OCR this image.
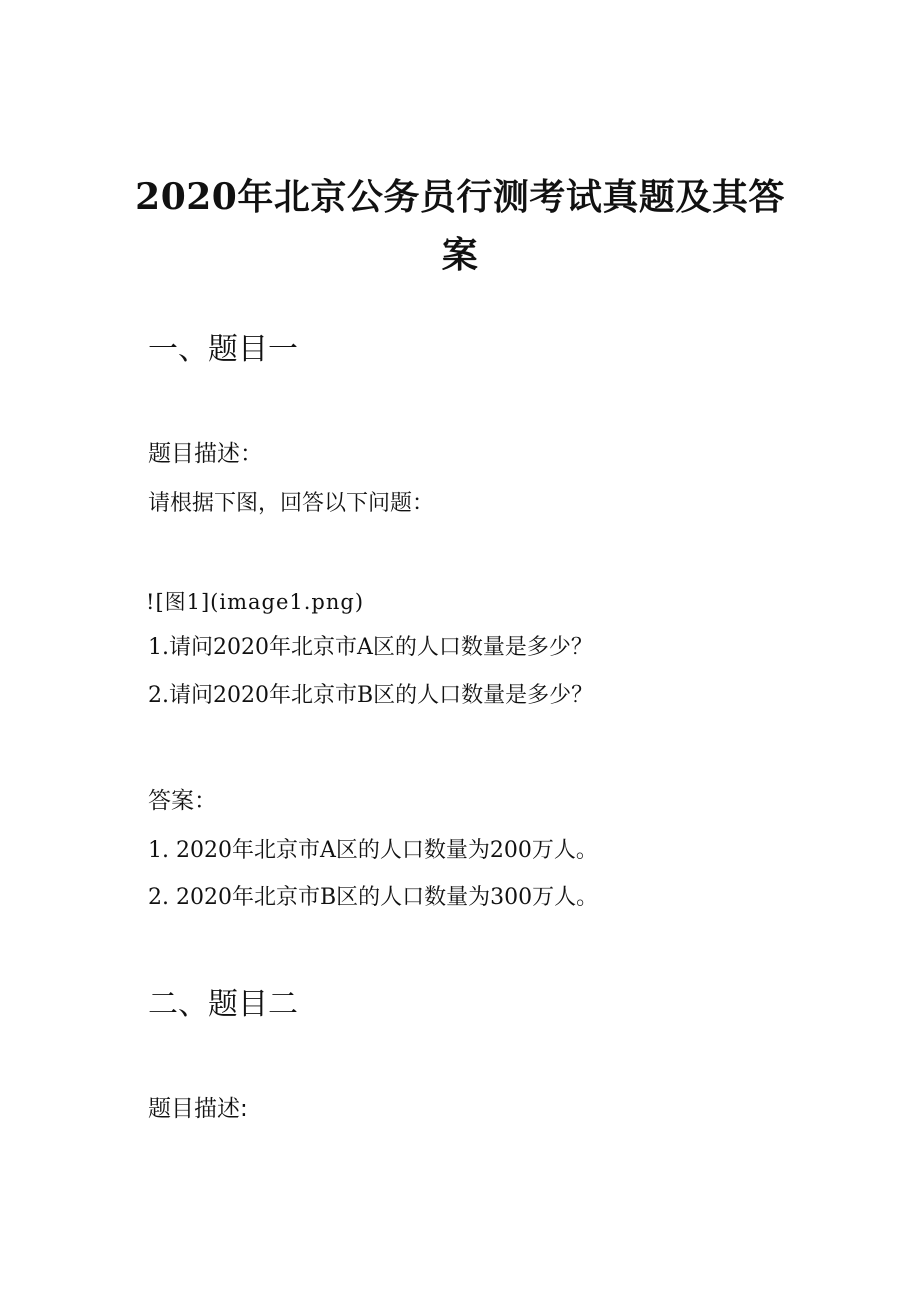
2020年北京公务员行测考试真题及其答案
一、题目一
题目描述：
请根据下图，回答以下问题：
![图1](image1.png)
1.请问2020年北京市A区的人口数量是多少？
2.请问2020年北京市B区的人口数量是多少？
答案：
1. 2020年北京市A区的人口数量为200万人。
2. 2020年北京市B区的人口数量为300万人。
二、题目二
题目描述:
